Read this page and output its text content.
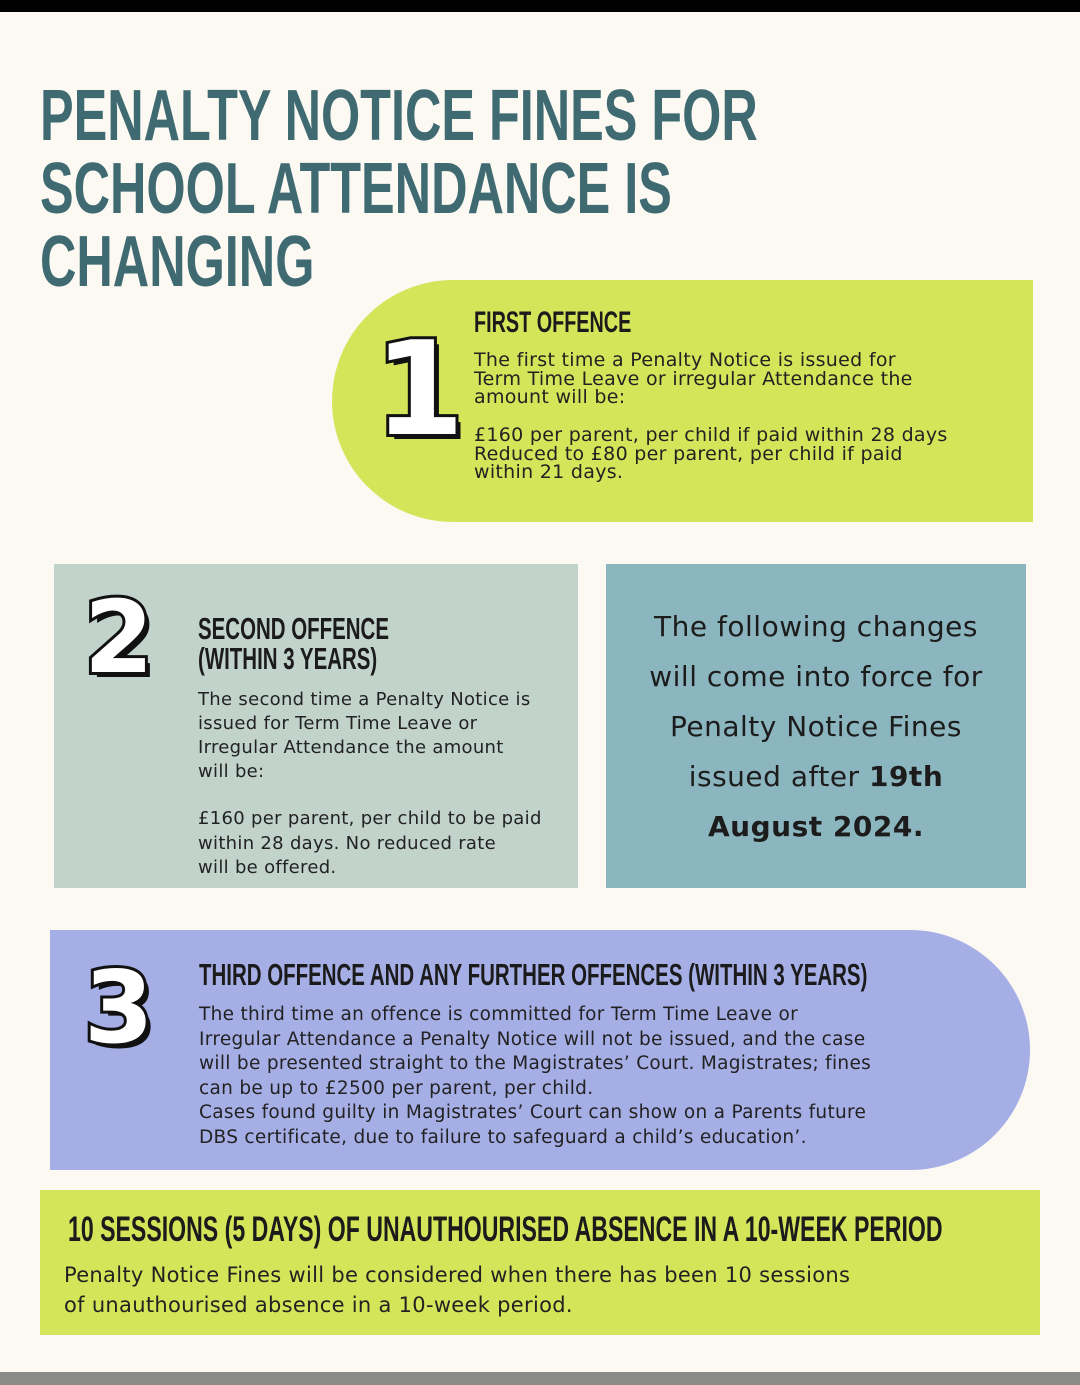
PENALTY NOTICE FINES FOR
SCHOOL ATTENDANCE IS
CHANGING
1 FIRST OFFENCE
The first time a Penalty Notice is issued for
Term Time Leave or irregular Attendance the
amount will be:
£160 per parent, per child if paid within 28 days
Reduced to £80 per parent, per child if paid
within 21 days.
2 SECOND OFFENCE
(WITHIN 3 YEARS)
The second time a Penalty Notice is
issued for Term Time Leave or
Irregular Attendance the amount
will be:
£160 per parent, per child to be paid
within 28 days. No reduced rate
will be offered.
The following changes
will come into force for
Penalty Notice Fines
issued after 19th
August 2024.
3 THIRD OFFENCE AND ANY FURTHER OFFENCES (WITHIN 3 YEARS)
The third time an offence is committed for Term Time Leave or
Irregular Attendance a Penalty Notice will not be issued, and the case
will be presented straight to the Magistrates’ Court. Magistrates; fines
can be up to £2500 per parent, per child.
Cases found guilty in Magistrates’ Court can show on a Parents future
DBS certificate, due to failure to safeguard a child’s education’.
10 SESSIONS (5 DAYS) OF UNAUTHOURISED ABSENCE IN A 10-WEEK PERIOD
Penalty Notice Fines will be considered when there has been 10 sessions
of unauthourised absence in a 10-week period.
